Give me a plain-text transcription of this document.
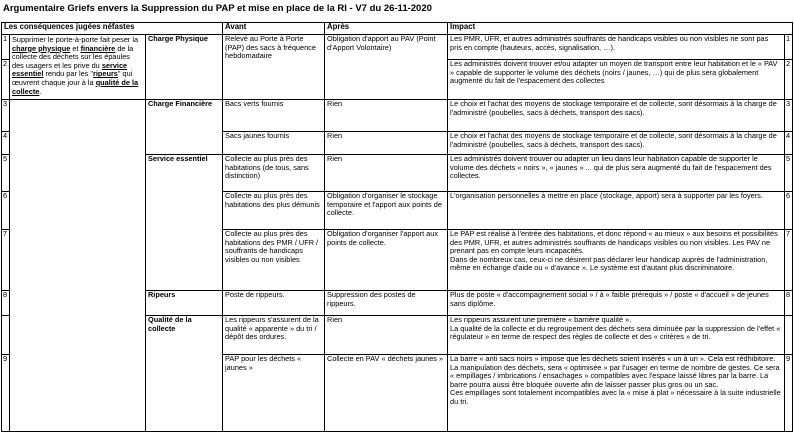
Argumentaire Griefs envers la Suppression du PAP et mise en place de la RI - V7 du 26-11-2020
Les conséquences jugées néfastes			Avant	Après	Impact	
1	Supprimer le porte-à-porte fait peser la charge physique et financière de la collecte des déchets sur les épaules des usagers et les prive du service essentiel rendu par les "ripeurs" qui œuvrent chaque jour à la qualité de la collecte.	Charge Physique	Relevé au Porte à Porte (PAP) des sacs à fréquence hebdomadaire	Obligation d'apport au PAV (Point d'Apport Volontaire)	Les PMR, UFR, et autres administrés souffrants de handicaps visibles ou non visibles ne sont pas pris en compte (hauteurs, accès, signalisation, …).	1
2					Les administrés doivent trouver et/ou adapter un moyen de transport entre leur habitation et le « PAV » capable de supporter le volume des déchets (noirs / jaunes, …) qui de plus sera globalement augmenté du fait de l'espacement des collectes	2
3		Charge Financière	Bacs verts fournis	Rien	Le choix et l'achat des moyens de stockage temporaire et de collecte, sont désormais à la charge de l'administré (poubelles, sacs à déchets, transport des sacs).	3
4			Sacs jaunes fournis	Rien	Le choix et l'achat des moyens de stockage temporaire et de collecte, sont désormais à la charge de l'administré (poubelles, sacs à déchets, transport des sacs).	4
5		Service essentiel	Collecte au plus près des habitations (de tous, sans distinction)	Rien	Les administrés doivent trouver ou adapter un lieu dans leur habitation capable de supporter le volume des déchets « noirs », « jaunes » ... qui de plus sera augmenté du fait de l'espacement des collectes.	5
6			Collecte au plus près des habitations des plus démunis	Obligation d'organiser le stockage temporaire et l'apport aux points de collecte.	L'organisation personnelles à mettre en place (stockage, apport) sera à supporter par les foyers.	6
7			Collecte au plus près des habitations des PMR / UFR / souffrants de handicaps visibles ou non visibles	Obligation d'organiser l'apport aux points de collecte.	Le PAP est réalisé à l'entrée des habitations, et donc répond « au mieux » aux besoins et possibilités des PMR, UFR, et autres administrés souffrants de handicaps visibles ou non visibles. Les PAV ne prenant pas en compte leurs incapacités.
Dans de nombreux cas, ceux-ci ne désirent pas déclarer leur handicap auprès de l'administration, même en échange d'aide ou « d'avance ». Le système est d'autant plus discriminatoire.	7
8		Ripeurs	Poste de rippeurs.	Suppression des postes de rippeurs.	Plus de poste « d'accompagnement social » / à « faible prérequis » / poste « d'accueil » de jeunes sans diplôme.	8
		Qualité de la collecte	Les rippeurs s'assurent de la qualité « apparente » du tri / dépôt des ordures.	Rien	Les rippeurs assurent une première « barrière qualité ».
La qualité de la collecte et du regroupement des déchets sera diminuée par la suppression de l'effet « régulateur » en terme de respect des règles de collecte et des « critères » de tri.	
9			PAP pour les déchets « jaunes »	Collecte en PAV « déchets jaunes »	La barre « anti sacs noirs » impose que les déchets soient insérés « un à un ». Cela est rédhibitoire. La manipulation des déchets, sera « optimisée » par l'usager en terme de nombre de gestes. Ce sera « empillages / imbrications / ensachages » compatibles avec l'espace laissé libres par la barre. La barre pourra aussi être bloquée ouverte afin de laisser passer plus gros ou un sac.
Ces empillages sont totalement incompatibles avec la « mise à plat » nécessaire à la suite industrielle du tri.	9
